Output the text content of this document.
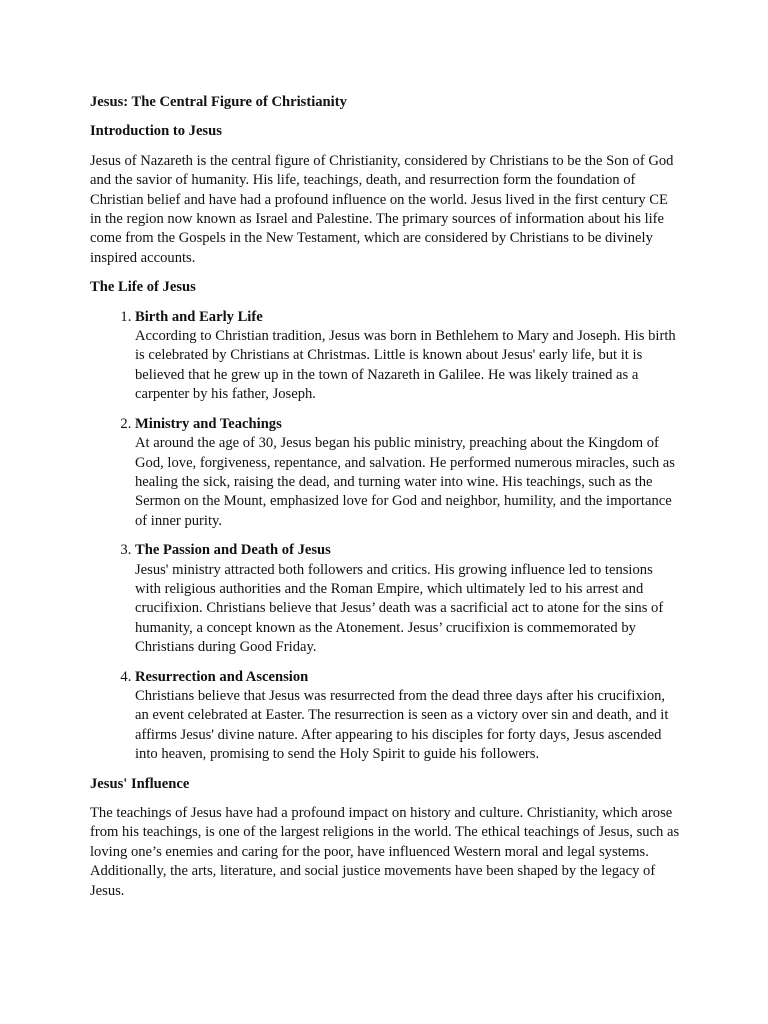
Jesus: The Central Figure of Christianity

Introduction to Jesus

Jesus of Nazareth is the central figure of Christianity, considered by Christians to be the Son of God and the savior of humanity. His life, teachings, death, and resurrection form the foundation of Christian belief and have had a profound influence on the world. Jesus lived in the first century CE in the region now known as Israel and Palestine. The primary sources of information about his life come from the Gospels in the New Testament, which are considered by Christians to be divinely inspired accounts.

The Life of Jesus

1. Birth and Early Life
According to Christian tradition, Jesus was born in Bethlehem to Mary and Joseph. His birth is celebrated by Christians at Christmas. Little is known about Jesus' early life, but it is believed that he grew up in the town of Nazareth in Galilee. He was likely trained as a carpenter by his father, Joseph.
2. Ministry and Teachings
At around the age of 30, Jesus began his public ministry, preaching about the Kingdom of God, love, forgiveness, repentance, and salvation. He performed numerous miracles, such as healing the sick, raising the dead, and turning water into wine. His teachings, such as the Sermon on the Mount, emphasized love for God and neighbor, humility, and the importance of inner purity.
3. The Passion and Death of Jesus
Jesus' ministry attracted both followers and critics. His growing influence led to tensions with religious authorities and the Roman Empire, which ultimately led to his arrest and crucifixion. Christians believe that Jesus’ death was a sacrificial act to atone for the sins of humanity, a concept known as the Atonement. Jesus’ crucifixion is commemorated by Christians during Good Friday.
4. Resurrection and Ascension
Christians believe that Jesus was resurrected from the dead three days after his crucifixion, an event celebrated at Easter. The resurrection is seen as a victory over sin and death, and it affirms Jesus' divine nature. After appearing to his disciples for forty days, Jesus ascended into heaven, promising to send the Holy Spirit to guide his followers.

Jesus' Influence

The teachings of Jesus have had a profound impact on history and culture. Christianity, which arose from his teachings, is one of the largest religions in the world. The ethical teachings of Jesus, such as loving one’s enemies and caring for the poor, have influenced Western moral and legal systems. Additionally, the arts, literature, and social justice movements have been shaped by the legacy of Jesus.
